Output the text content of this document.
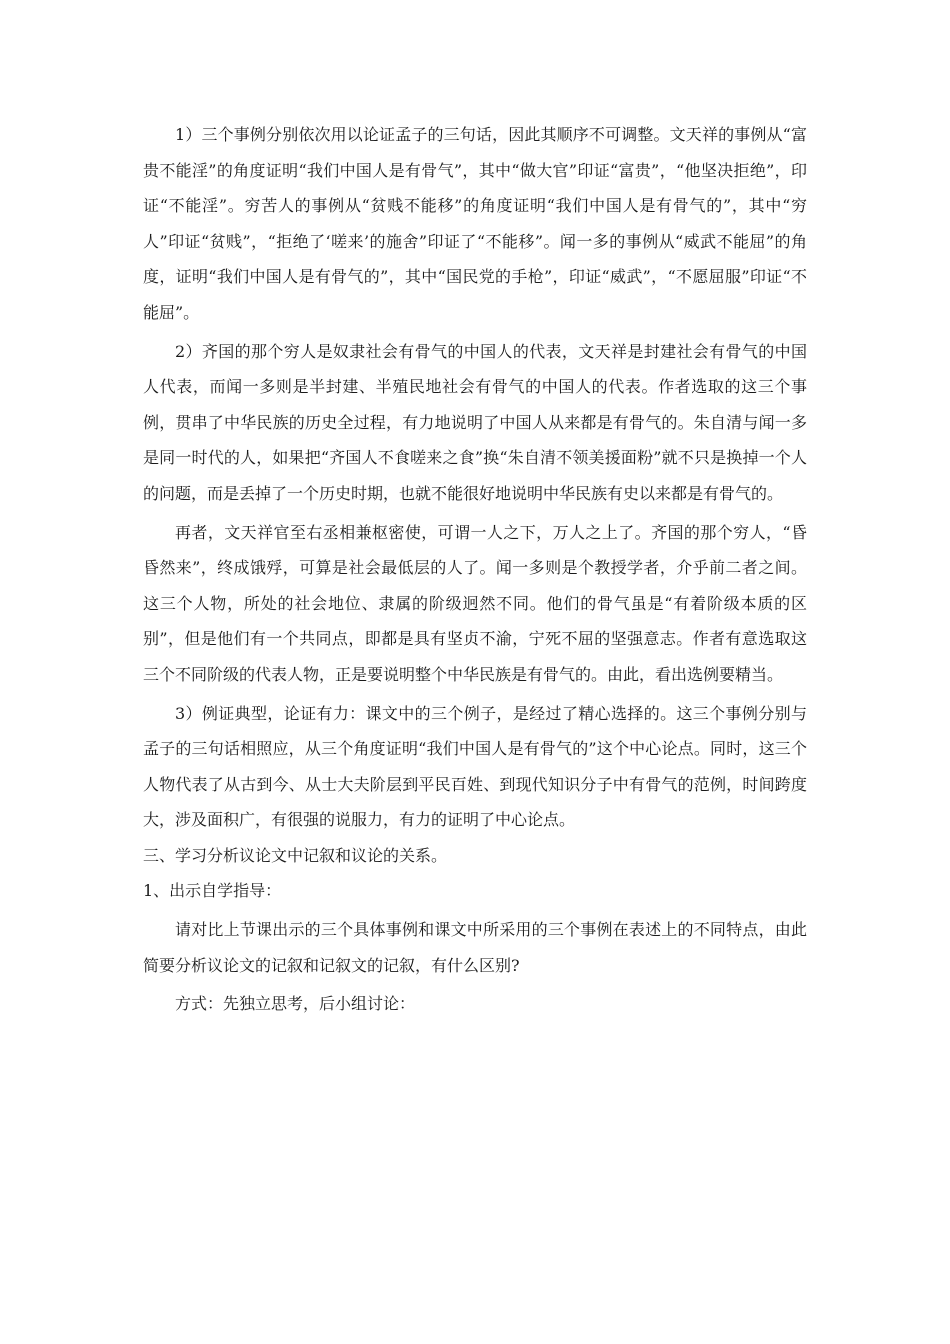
1）三个事例分别依次用以论证孟子的三句话，因此其顺序不可调整。文天祥的事例从“富贵不能淫”的角度证明“我们中国人是有骨气”，其中“做大官”印证“富贵”，“他坚决拒绝”，印证“不能淫”。穷苦人的事例从“贫贱不能移”的角度证明“我们中国人是有骨气的”，其中“穷人”印证“贫贱”，“拒绝了‘嗟来’的施舍”印证了“不能移”。闻一多的事例从“威武不能屈”的角度，证明“我们中国人是有骨气的”，其中“国民党的手枪”，印证“威武”，“不愿屈服”印证“不能屈”。

2）齐国的那个穷人是奴隶社会有骨气的中国人的代表，文天祥是封建社会有骨气的中国人代表，而闻一多则是半封建、半殖民地社会有骨气的中国人的代表。作者选取的这三个事例，贯串了中华民族的历史全过程，有力地说明了中国人从来都是有骨气的。朱自清与闻一多是同一时代的人，如果把“齐国人不食嗟来之食”换“朱自清不领美援面粉”就不只是换掉一个人的问题，而是丢掉了一个历史时期，也就不能很好地说明中华民族有史以来都是有骨气的。

再者，文天祥官至右丞相兼枢密使，可谓一人之下，万人之上了。齐国的那个穷人，“昏昏然来”，终成饿殍，可算是社会最低层的人了。闻一多则是个教授学者，介乎前二者之间。这三个人物，所处的社会地位、隶属的阶级迥然不同。他们的骨气虽是“有着阶级本质的区别”，但是他们有一个共同点，即都是具有坚贞不渝，宁死不屈的坚强意志。作者有意选取这三个不同阶级的代表人物，正是要说明整个中华民族是有骨气的。由此，看出选例要精当。

3）例证典型，论证有力：课文中的三个例子，是经过了精心选择的。这三个事例分别与孟子的三句话相照应，从三个角度证明“我们中国人是有骨气的”这个中心论点。同时，这三个人物代表了从古到今、从士大夫阶层到平民百姓、到现代知识分子中有骨气的范例，时间跨度大，涉及面积广，有很强的说服力，有力的证明了中心论点。

三、学习分析议论文中记叙和议论的关系。

1、出示自学指导：

请对比上节课出示的三个具体事例和课文中所采用的三个事例在表述上的不同特点，由此简要分析议论文的记叙和记叙文的记叙，有什么区别?

方式：先独立思考，后小组讨论：
